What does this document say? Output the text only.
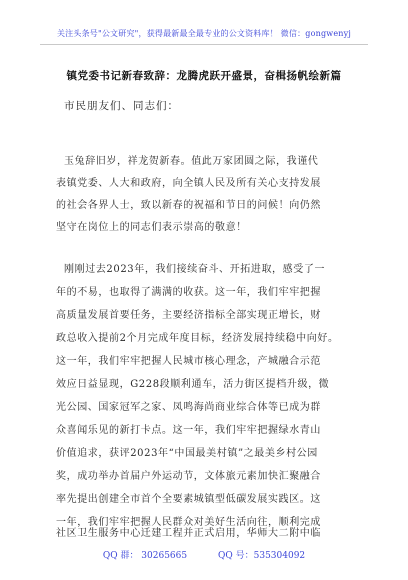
关注头条号"公文研究"，获得最新最全最专业的公文资料库！ 微信：gongwenyj
镇党委书记新春致辞：龙腾虎跃开盛景，奋楫扬帆绘新篇
市民朋友们、同志们：
玉兔辞旧岁，祥龙贺新春。值此万家团圆之际，我谨代
表镇党委、人大和政府，向全镇人民及所有关心支持发展
的社会各界人士，致以新春的祝福和节日的问候！向仍然
坚守在岗位上的同志们表示崇高的敬意！
刚刚过去2023年，我们接续奋斗、开拓进取，感受了一
年的不易，也取得了满满的收获。这一年，我们牢牢把握
高质量发展首要任务，主要经济指标全部实现正增长，财
政总收入提前2个月完成年度目标，经济发展持续稳中向好。
这一年，我们牢牢把握人民城市核心理念，产城融合示范
效应日益显现，G228段顺利通车，活力街区提档升级，微
光公园、国家冠军之家、凤鸣海尚商业综合体等已成为群
众喜闻乐见的新打卡点。这一年，我们牢牢把握绿水青山
价值追求，获评2023年“中国最美村镇”之最美乡村公园
奖，成功举办首届户外运动节，文体旅元素加快汇聚融合
率先提出创建全市首个全要素城镇型低碳发展实践区。这
一年，我们牢牢把握人民群众对美好生活向往，顺利完成
QQ 群： 30265665	QQ 号：535304092
社区卫生服务中心迁建工程并正式启用，华师大二附中临
